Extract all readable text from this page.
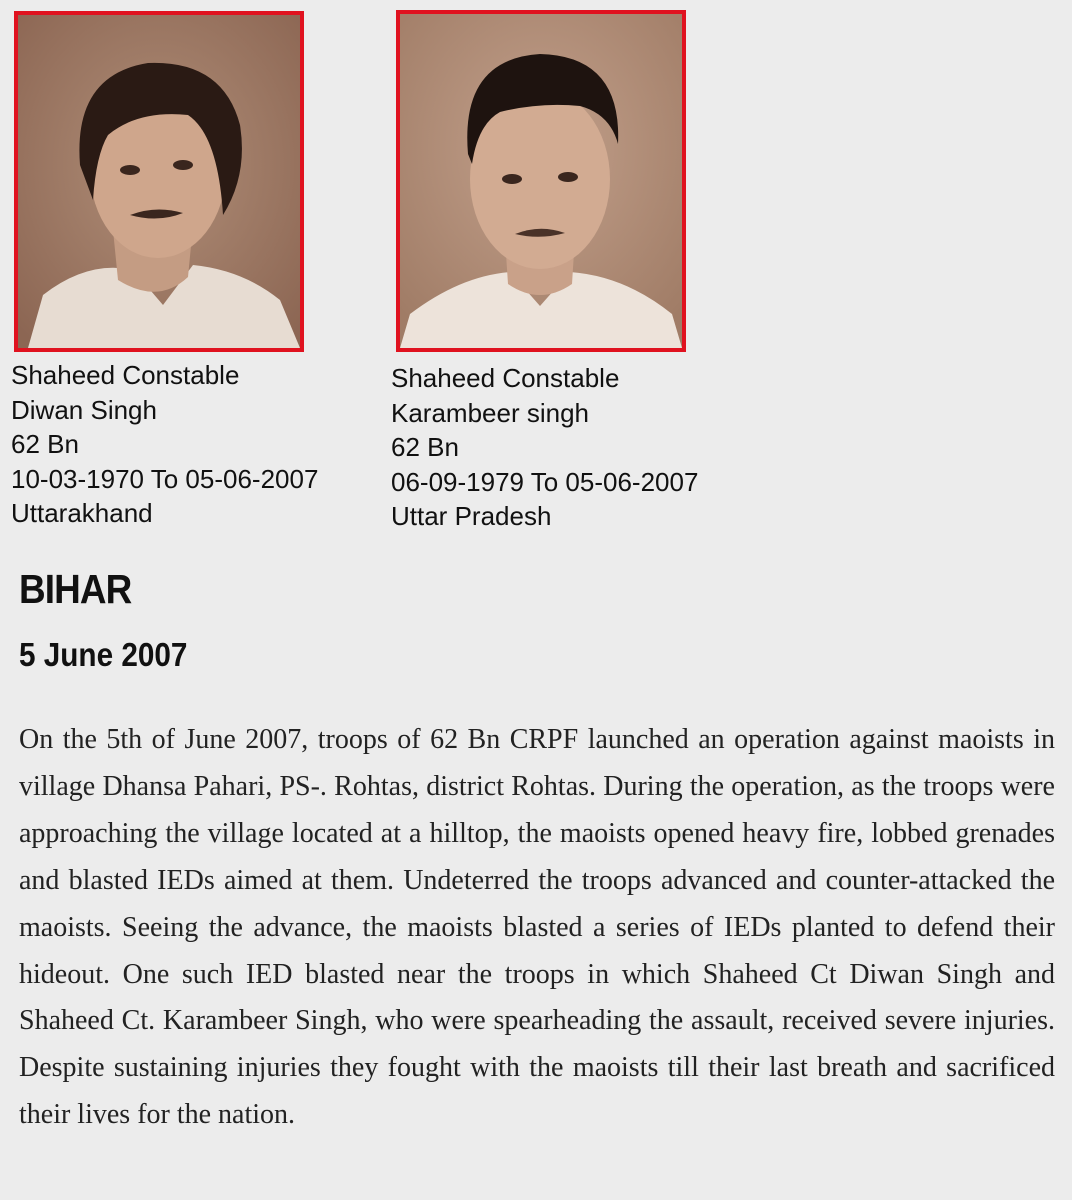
Shaheed Constable
Diwan Singh
62 Bn
10-03-1970 To 05-06-2007
Uttarakhand
Shaheed Constable
Karambeer singh
62 Bn
06-09-1979 To 05-06-2007
Uttar Pradesh
BIHAR
5 June 2007

On the 5th of June 2007, troops of 62 Bn CRPF launched an operation against maoists in village Dhansa Pahari, PS-. Rohtas, district Rohtas. During the operation, as the troops were approaching the village located at a hilltop, the maoists opened heavy fire, lobbed grenades and blasted IEDs aimed at them. Undeterred the troops advanced and counter-attacked the maoists. Seeing the advance, the maoists blasted a series of IEDs planted to defend their hideout. One such IED blasted near the troops in which Shaheed Ct Diwan Singh and Shaheed Ct. Karambeer Singh, who were spearheading the assault, received severe injuries. Despite sustaining injuries they fought with the maoists till their last breath and sacrificed their lives for the nation.
